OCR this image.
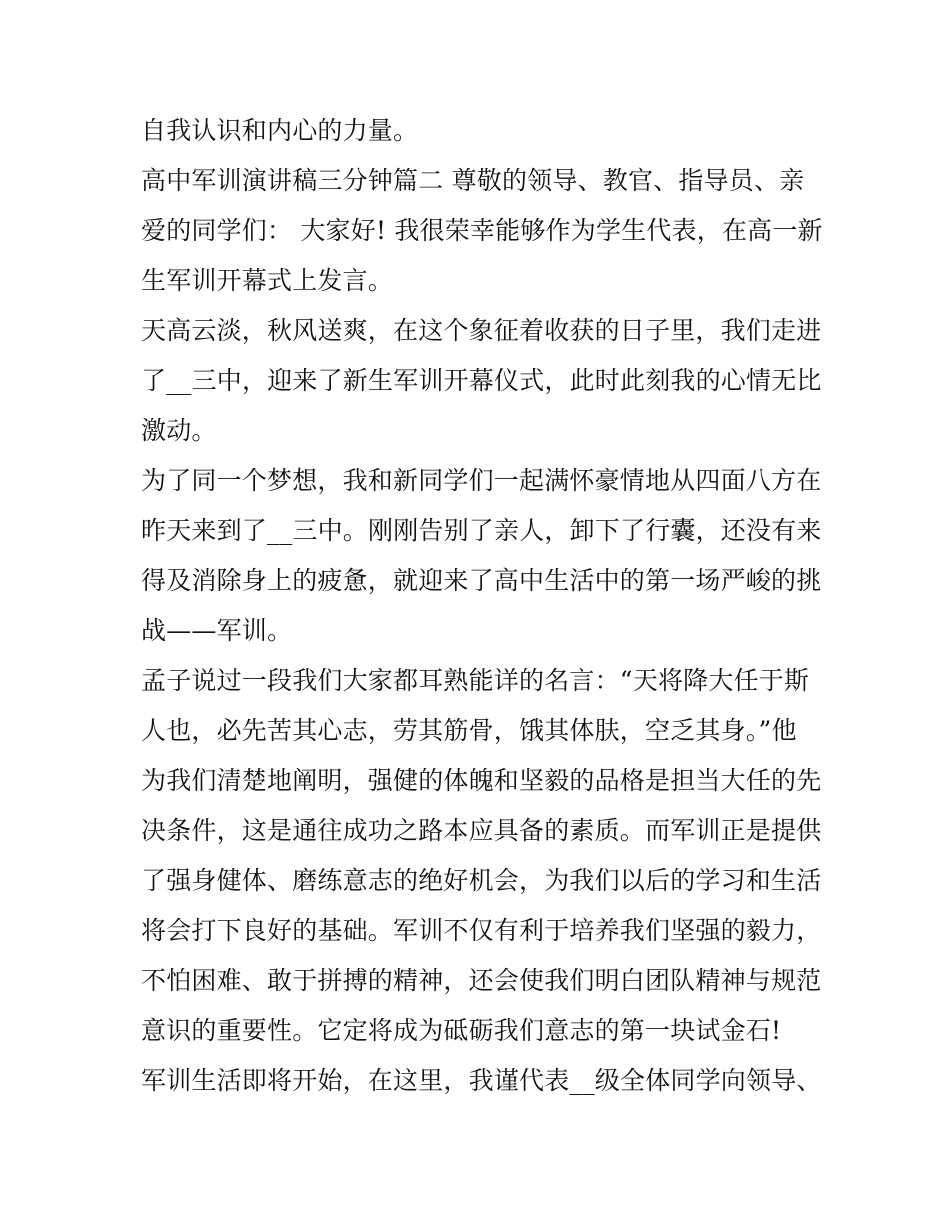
自我认识和内心的力量。

高中军训演讲稿三分钟篇二 尊敬的领导、教官、指导员、亲

爱的同学们： 大家好! 我很荣幸能够作为学生代表，在高一新

生军训开幕式上发言。

天高云淡，秋风送爽，在这个象征着收获的日子里，我们走进

了__三中，迎来了新生军训开幕仪式，此时此刻我的心情无比

激动。

为了同一个梦想，我和新同学们一起满怀豪情地从四面八方在

昨天来到了__三中。刚刚告别了亲人，卸下了行囊，还没有来

得及消除身上的疲惫，就迎来了高中生活中的第一场严峻的挑

战——军训。

孟子说过一段我们大家都耳熟能详的名言：“天将降大任于斯

人也，必先苦其心志，劳其筋骨，饿其体肤，空乏其身。”他

为我们清楚地阐明，强健的体魄和坚毅的品格是担当大任的先

决条件，这是通往成功之路本应具备的素质。而军训正是提供

了强身健体、磨练意志的绝好机会，为我们以后的学习和生活

将会打下良好的基础。军训不仅有利于培养我们坚强的毅力，

不怕困难、敢于拼搏的精神，还会使我们明白团队精神与规范

意识的重要性。它定将成为砥砺我们意志的第一块试金石!

军训生活即将开始，在这里，我谨代表__级全体同学向领导、
